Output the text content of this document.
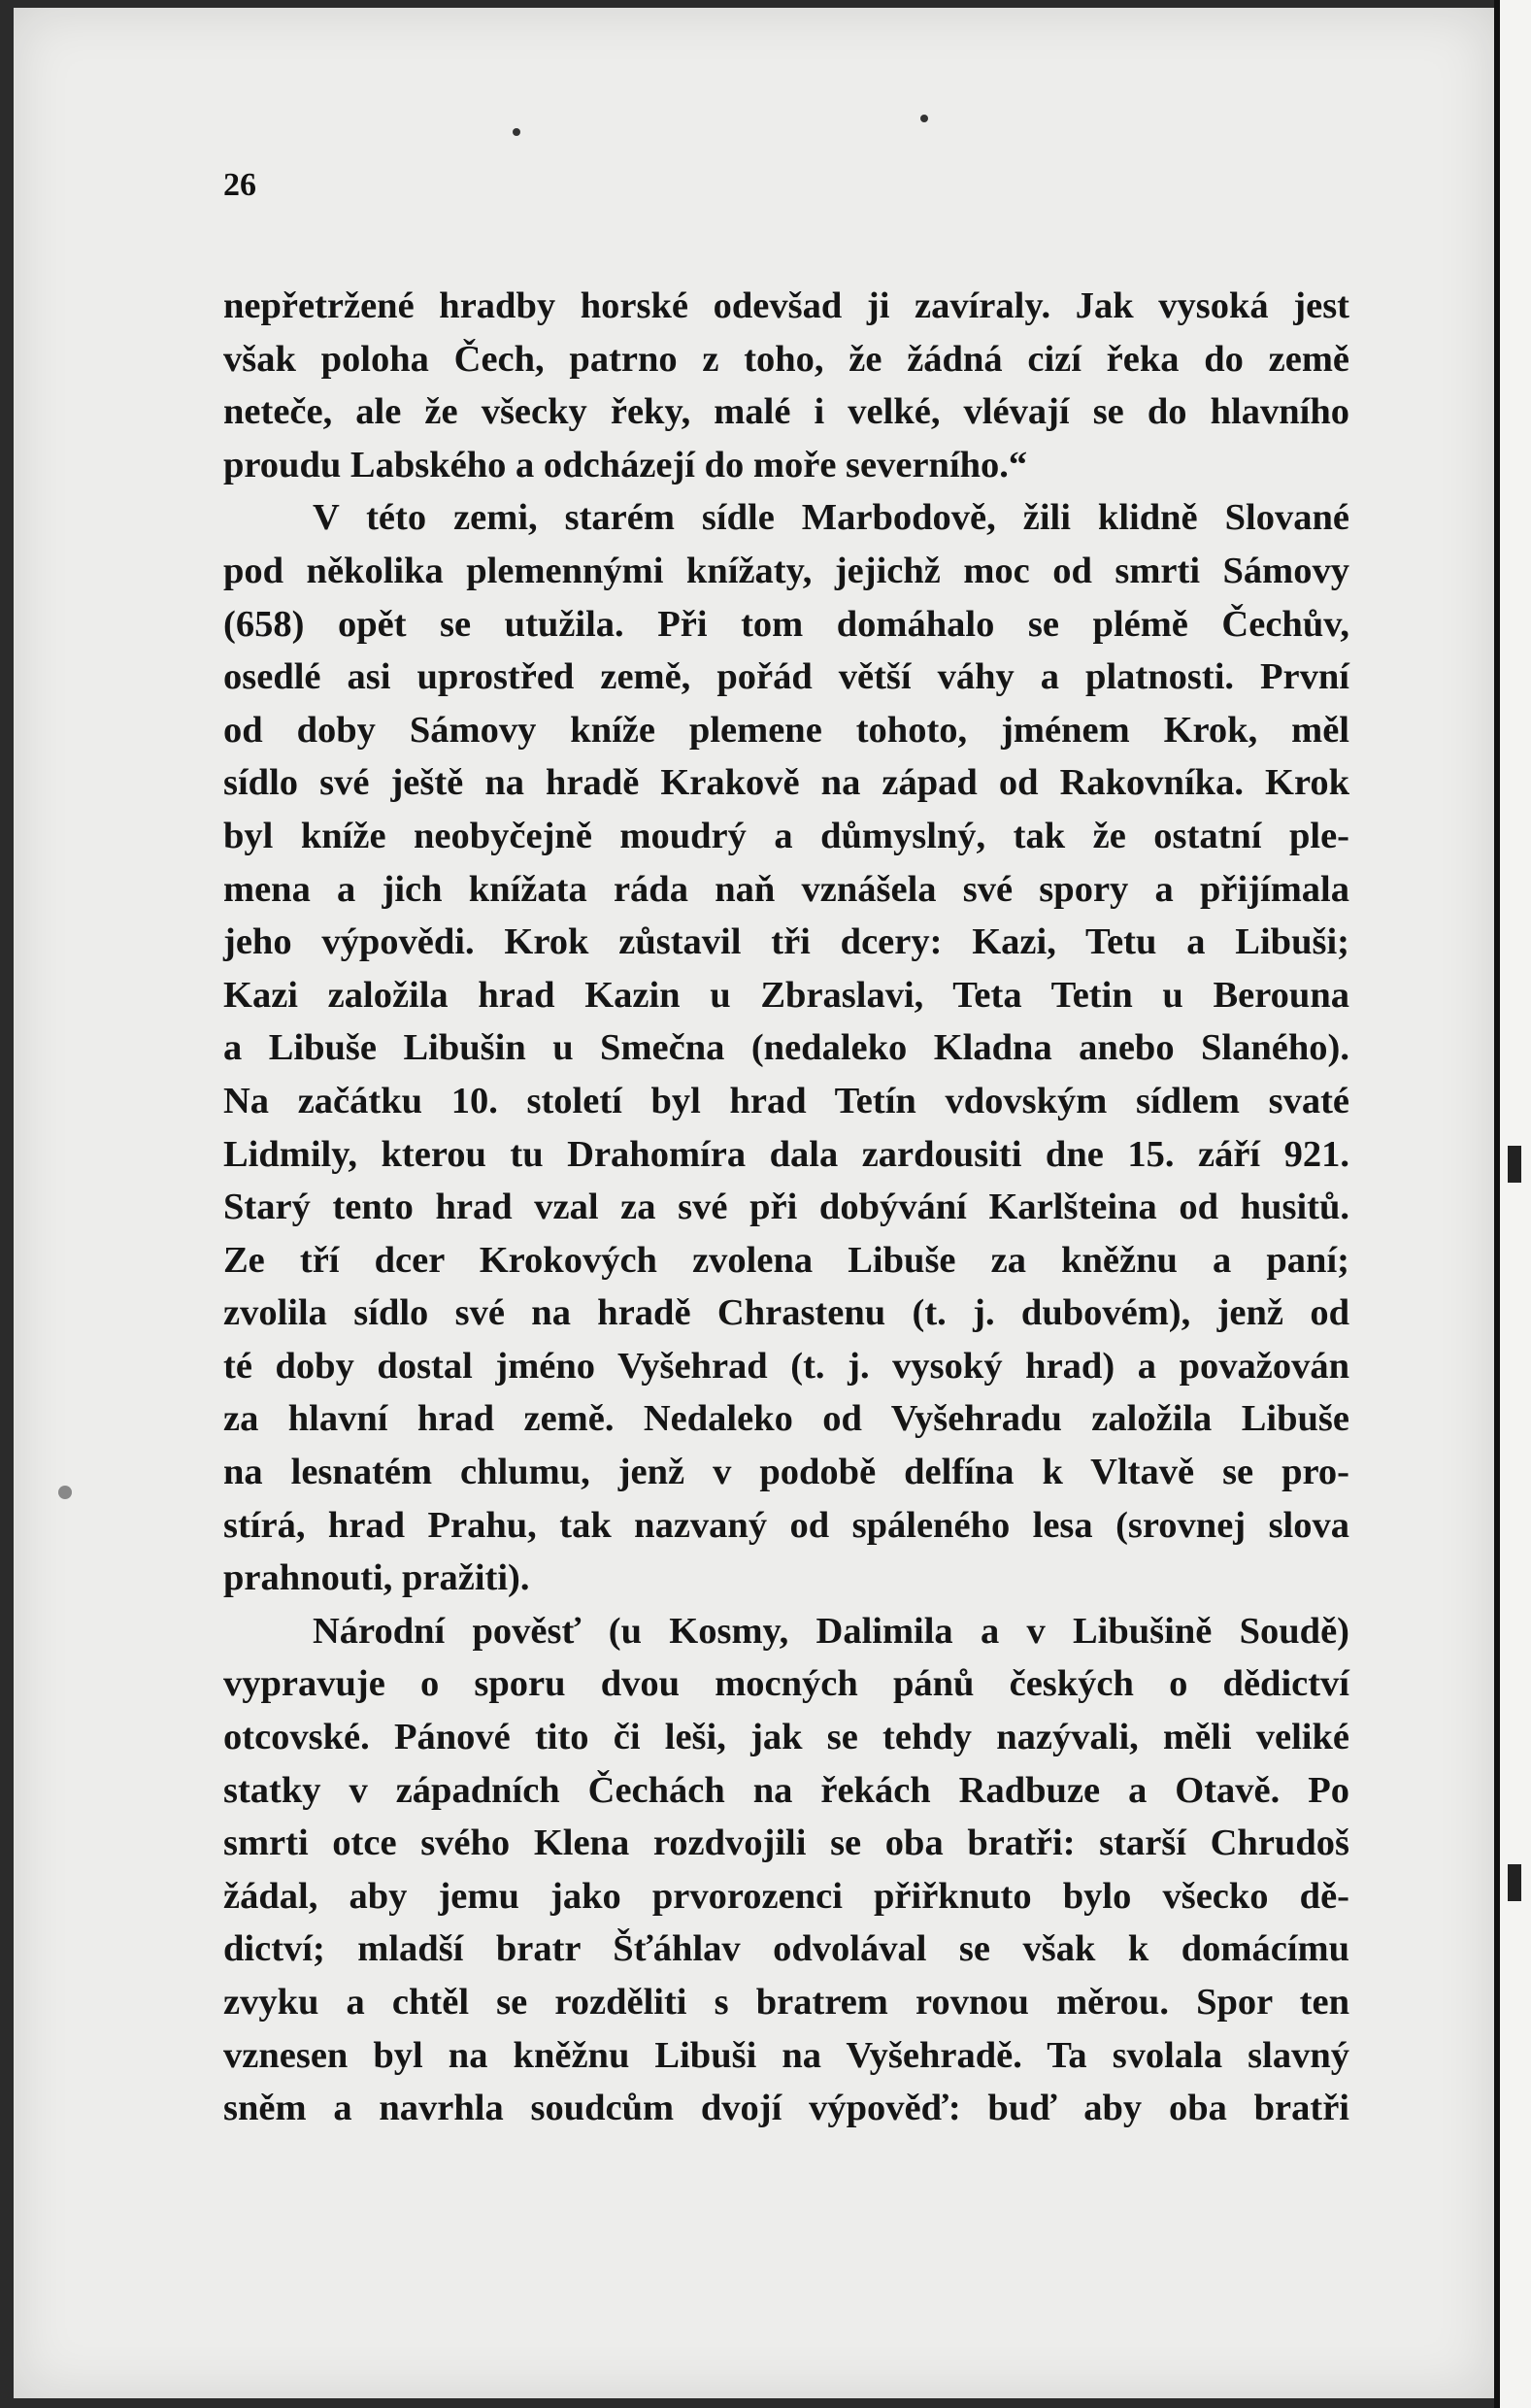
26

nepřetržené hradby horské odevšad ji zavíraly. Jak vysoká jest
však poloha Čech, patrno z toho, že žádná cizí řeka do země
neteče, ale že všecky řeky, malé i velké, vlévají se do hlavního
proudu Labského a odcházejí do moře severního.“

V této zemi, starém sídle Marbodově, žili klidně Slované
pod několika plemennými knížaty, jejichž moc od smrti Sámovy
(658) opět se utužila. Při tom domáhalo se plémě Čechův,
osedlé asi uprostřed země, pořád větší váhy a platnosti. První
od doby Sámovy kníže plemene tohoto, jménem Krok, měl
sídlo své ještě na hradě Krakově na západ od Rakovníka. Krok
byl kníže neobyčejně moudrý a důmyslný, tak že ostatní ple-
mena a jich knížata ráda naň vznášela své spory a přijímala
jeho výpovědi. Krok zůstavil tři dcery: Kazi, Tetu a Libuši;
Kazi založila hrad Kazin u Zbraslavi, Teta Tetin u Berouna
a Libuše Libušin u Smečna (nedaleko Kladna anebo Slaného).
Na začátku 10. století byl hrad Tetín vdovským sídlem svaté
Lidmily, kterou tu Drahomíra dala zardousiti dne 15. září 921.
Starý tento hrad vzal za své při dobývání Karlšteina od husitů.
Ze tří dcer Krokových zvolena Libuše za kněžnu a paní;
zvolila sídlo své na hradě Chrastenu (t. j. dubovém), jenž od
té doby dostal jméno Vyšehrad (t. j. vysoký hrad) a považován
za hlavní hrad země. Nedaleko od Vyšehradu založila Libuše
na lesnatém chlumu, jenž v podobě delfína k Vltavě se pro-
stírá, hrad Prahu, tak nazvaný od spáleného lesa (srovnej slova
prahnouti, pražiti).

Národní pověsť (u Kosmy, Dalimila a v Libušině Soudě)
vypravuje o sporu dvou mocných pánů českých o dědictví
otcovské. Pánové tito či leši, jak se tehdy nazývali, měli veliké
statky v západních Čechách na řekách Radbuze a Otavě. Po
smrti otce svého Klena rozdvojili se oba bratři: starší Chrudoš
žádal, aby jemu jako prvorozenci přiřknuto bylo všecko dě-
dictví; mladší bratr Šťáhlav odvolával se však k domácímu
zvyku a chtěl se rozděliti s bratrem rovnou měrou. Spor ten
vznesen byl na kněžnu Libuši na Vyšehradě. Ta svolala slavný
sněm a navrhla soudcům dvojí výpověď: buď aby oba bratři
